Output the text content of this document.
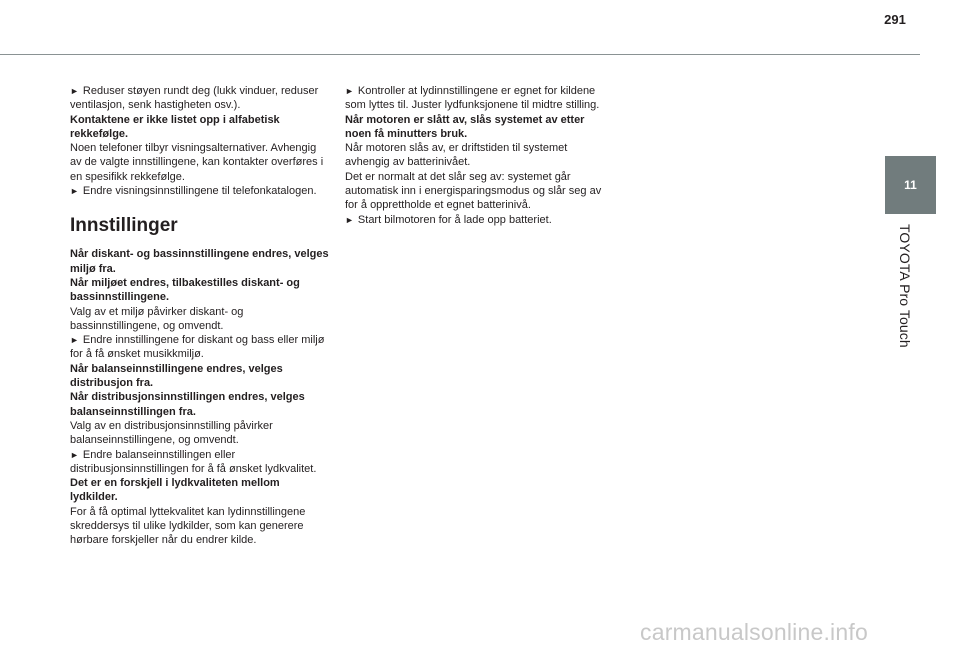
291
11
TOYOTA Pro Touch

► Reduser støyen rundt deg (lukk vinduer, reduser ventilasjon, senk hastigheten osv.).

Kontaktene er ikke listet opp i alfabetisk rekkefølge.

Noen telefoner tilbyr visningsalternativer. Avhengig av de valgte innstillingene, kan kontakter overføres i en spesifikk rekkefølge.

► Endre visningsinnstillingene til telefonkatalogen.

Innstillinger

Når diskant- og bassinnstillingene endres, velges miljø fra.

Når miljøet endres, tilbakestilles diskant- og bassinnstillingene.

Valg av et miljø påvirker diskant- og bassinnstillingene, og omvendt.

► Endre innstillingene for diskant og bass eller miljø for å få ønsket musikkmiljø.

Når balanseinnstillingene endres, velges distribusjon fra.

Når distribusjonsinnstillingen endres, velges balanseinnstillingen fra.

Valg av en distribusjonsinnstilling påvirker balanseinnstillingene, og omvendt.

► Endre balanseinnstillingen eller distribusjonsinnstillingen for å få ønsket lydkvalitet.

Det er en forskjell i lydkvaliteten mellom lydkilder.

For å få optimal lyttekvalitet kan lydinnstillingene skreddersys til ulike lydkilder, som kan generere hørbare forskjeller når du endrer kilde.

► Kontroller at lydinnstillingene er egnet for kildene som lyttes til. Juster lydfunksjonene til midtre stilling.

Når motoren er slått av, slås systemet av etter noen få minutters bruk.

Når motoren slås av, er driftstiden til systemet avhengig av batterinivået.

Det er normalt at det slår seg av: systemet går automatisk inn i energisparingsmodus og slår seg av for å opprettholde et egnet batterinivå.

► Start bilmotoren for å lade opp batteriet.

carmanualsonline.info
